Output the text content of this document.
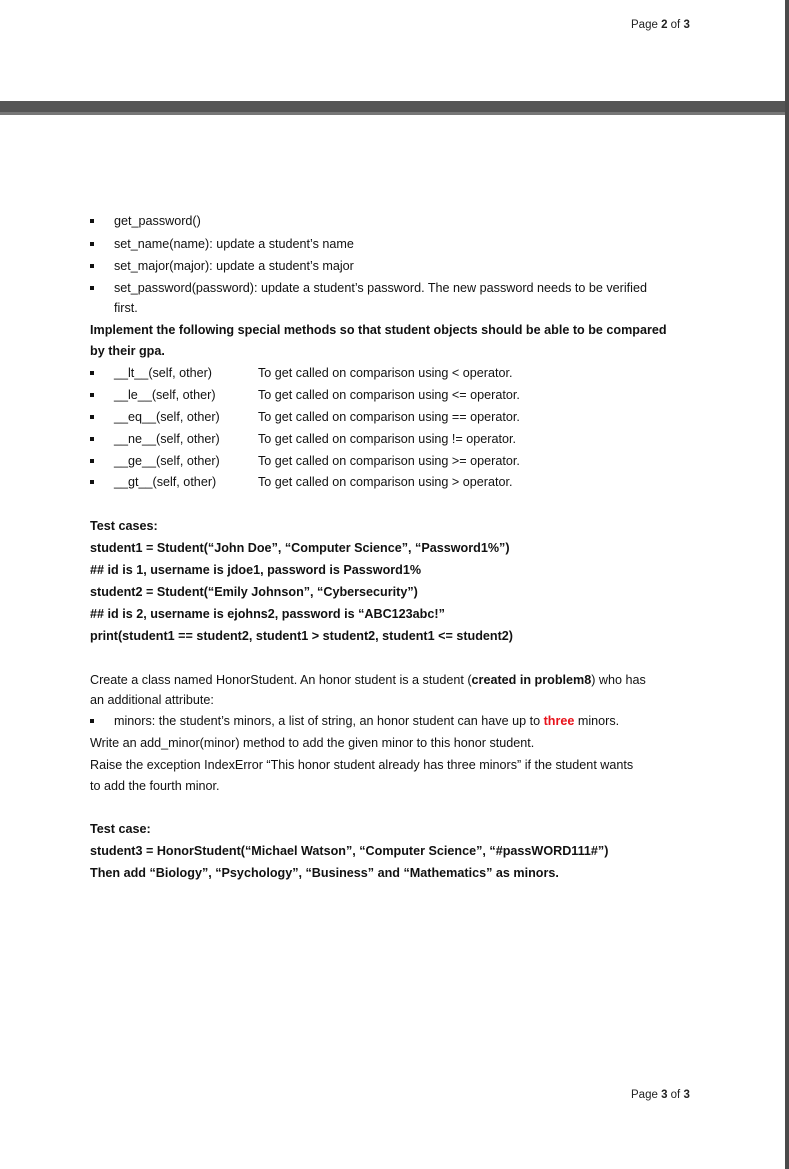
Page 2 of 3
get_password()
set_name(name): update a student’s name
set_major(major): update a student’s major
set_password(password): update a student’s password. The new password needs to be verified
first.
Implement the following special methods so that student objects should be able to be compared
by their gpa.
__lt__(self, other)	To get called on comparison using < operator.
__le__(self, other)	To get called on comparison using <= operator.
__eq__(self, other)	To get called on comparison using == operator.
__ne__(self, other)	To get called on comparison using != operator.
__ge__(self, other)	To get called on comparison using >= operator.
__gt__(self, other)	To get called on comparison using > operator.
Test cases:
student1 = Student(“John Doe”, “Computer Science”, “Password1%”)
## id is 1, username is jdoe1, password is Password1%
student2 = Student(“Emily Johnson”, “Cybersecurity”)
## id is 2, username is ejohns2, password is “ABC123abc!”
print(student1 == student2, student1 > student2, student1 <= student2)
Create a class named HonorStudent. An honor student is a student (created in problem8) who has
an additional attribute:
minors: the student’s minors, a list of string, an honor student can have up to three minors.
Write an add_minor(minor) method to add the given minor to this honor student.
Raise the exception IndexError “This honor student already has three minors” if the student wants
to add the fourth minor.
Test case:
student3 = HonorStudent(“Michael Watson”, “Computer Science”, “#passWORD111#”)
Then add “Biology”, “Psychology”, “Business” and “Mathematics” as minors.
Page 3 of 3
